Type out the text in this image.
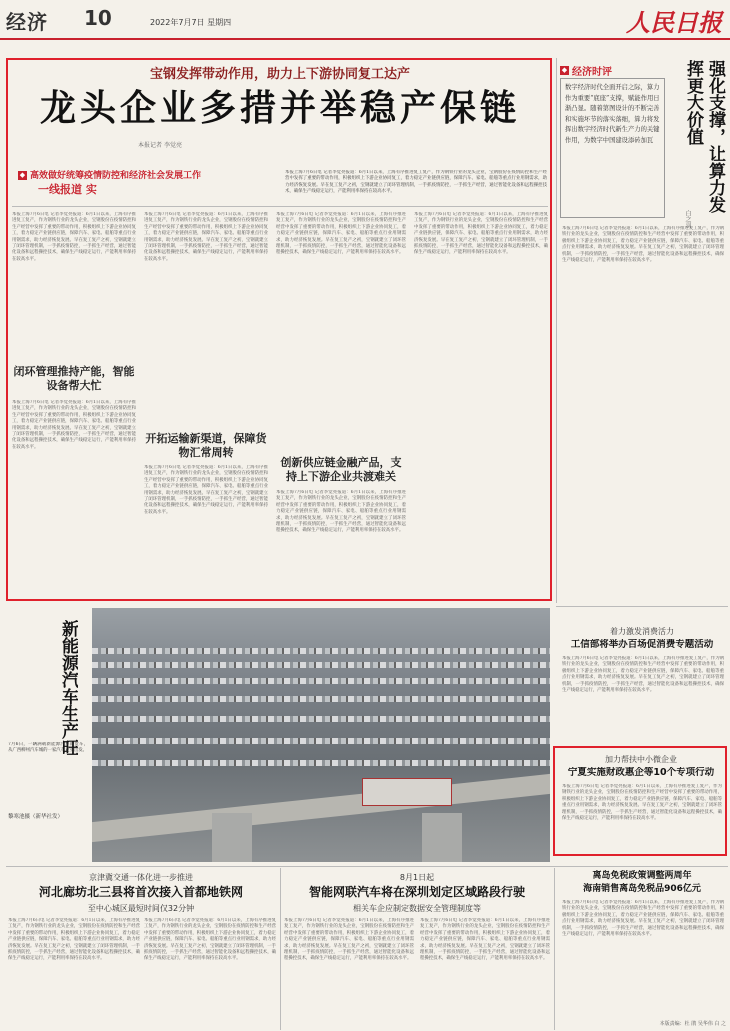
经济 10	2022年7月7日 星期四	人民日报
宝钢发挥带动作用，助力上下游协同复工达产
龙头企业多措并举稳产保链
本报记者 李觉亮
◆ 高效做好统筹疫情防控和经济社会发展工作
一线报道 实
本报上海7月6日电 记者李觉亮报道：6月1日以来，上海有序推进复工复产，作为钢铁行业的龙头企业，宝钢股份在疫情防控和生产经营中发挥了重要的带动作用，积极组织上下游企业协同复工，着力稳定产业链供应链，保障汽车、家电、船舶等重点行业用钢需求，助力经济恢复发展。早在复工复产之初，宝钢就建立了闭环管理机制，一手抓疫情防控，一手抓生产经营，通过智能化设备和远程操控技术，确保生产线稳定运行，产能利用率保持在较高水平。
本报上海7月6日电 记者李觉亮报道：6月1日以来，上海有序推进复工复产，作为钢铁行业的龙头企业，宝钢股份在疫情防控和生产经营中发挥了重要的带动作用，积极组织上下游企业协同复工，着力稳定产业链供应链，保障汽车、家电、船舶等重点行业用钢需求，助力经济恢复发展。早在复工复产之初，宝钢就建立了闭环管理机制，一手抓疫情防控，一手抓生产经营，通过智能化设备和远程操控技术，确保生产线稳定运行，产能利用率保持在较高水平。
闭环管理推持产能，智能设备帮大忙
本报上海7月6日电 记者李觉亮报道：6月1日以来，上海有序推进复工复产，作为钢铁行业的龙头企业，宝钢股份在疫情防控和生产经营中发挥了重要的带动作用，积极组织上下游企业协同复工，着力稳定产业链供应链，保障汽车、家电、船舶等重点行业用钢需求，助力经济恢复发展。早在复工复产之初，宝钢就建立了闭环管理机制，一手抓疫情防控，一手抓生产经营，通过智能化设备和远程操控技术，确保生产线稳定运行，产能利用率保持在较高水平。
本报上海7月6日电 记者李觉亮报道：6月1日以来，上海有序推进复工复产，作为钢铁行业的龙头企业，宝钢股份在疫情防控和生产经营中发挥了重要的带动作用，积极组织上下游企业协同复工，着力稳定产业链供应链，保障汽车、家电、船舶等重点行业用钢需求，助力经济恢复发展。早在复工复产之初，宝钢就建立了闭环管理机制，一手抓疫情防控，一手抓生产经营，通过智能化设备和远程操控技术，确保生产线稳定运行，产能利用率保持在较高水平。
开拓运输新渠道，保障货物汇常周转
本报上海7月6日电 记者李觉亮报道：6月1日以来，上海有序推进复工复产，作为钢铁行业的龙头企业，宝钢股份在疫情防控和生产经营中发挥了重要的带动作用，积极组织上下游企业协同复工，着力稳定产业链供应链，保障汽车、家电、船舶等重点行业用钢需求，助力经济恢复发展。早在复工复产之初，宝钢就建立了闭环管理机制，一手抓疫情防控，一手抓生产经营，通过智能化设备和远程操控技术，确保生产线稳定运行，产能利用率保持在较高水平。
本报上海7月6日电 记者李觉亮报道：6月1日以来，上海有序推进复工复产，作为钢铁行业的龙头企业，宝钢股份在疫情防控和生产经营中发挥了重要的带动作用，积极组织上下游企业协同复工，着力稳定产业链供应链，保障汽车、家电、船舶等重点行业用钢需求，助力经济恢复发展。早在复工复产之初，宝钢就建立了闭环管理机制，一手抓疫情防控，一手抓生产经营，通过智能化设备和远程操控技术，确保生产线稳定运行，产能利用率保持在较高水平。
创新供应链金融产品，支持上下游企业共渡难关
本报上海7月6日电 记者李觉亮报道：6月1日以来，上海有序推进复工复产，作为钢铁行业的龙头企业，宝钢股份在疫情防控和生产经营中发挥了重要的带动作用，积极组织上下游企业协同复工，着力稳定产业链供应链，保障汽车、家电、船舶等重点行业用钢需求，助力经济恢复发展。早在复工复产之初，宝钢就建立了闭环管理机制，一手抓疫情防控，一手抓生产经营，通过智能化设备和远程操控技术，确保生产线稳定运行，产能利用率保持在较高水平。
本报上海7月6日电 记者李觉亮报道：6月1日以来，上海有序推进复工复产，作为钢铁行业的龙头企业，宝钢股份在疫情防控和生产经营中发挥了重要的带动作用，积极组织上下游企业协同复工，着力稳定产业链供应链，保障汽车、家电、船舶等重点行业用钢需求，助力经济恢复发展。早在复工复产之初，宝钢就建立了闭环管理机制，一手抓疫情防控，一手抓生产经营，通过智能化设备和远程操控技术，确保生产线稳定运行，产能利用率保持在较高水平。
◆ 经济时评
数字经济时代全面开启之际，算力作为重要“底座”支撑，赋能作用日渐凸显。随着第图设计的不断完善和实施坏节的落实落细，算力将发挥出数字经济时代新生产力的关键作用，为数字中国建设添砖加瓦	强化支撑，让算力发挥更大价值
白之羽
本报上海7月6日电 记者李觉亮报道：6月1日以来，上海有序推进复工复产，作为钢铁行业的龙头企业，宝钢股份在疫情防控和生产经营中发挥了重要的带动作用，积极组织上下游企业协同复工，着力稳定产业链供应链，保障汽车、家电、船舶等重点行业用钢需求，助力经济恢复发展。早在复工复产之初，宝钢就建立了闭环管理机制，一手抓疫情防控，一手抓生产经营，通过智能化设备和远程操控技术，确保生产线稳定运行，产能利用率保持在较高水平。
新能源汽车生产旺
7月6日，一辆满载新能源汽车的货车，从广西柳州汽车城的一家汽车企业出发。
黎寒池摄（新华社发）
着力激发消费活力
工信部将举办百场促消费专题活动
本报上海7月6日电 记者李觉亮报道：6月1日以来，上海有序推进复工复产，作为钢铁行业的龙头企业，宝钢股份在疫情防控和生产经营中发挥了重要的带动作用，积极组织上下游企业协同复工，着力稳定产业链供应链，保障汽车、家电、船舶等重点行业用钢需求，助力经济恢复发展。早在复工复产之初，宝钢就建立了闭环管理机制，一手抓疫情防控，一手抓生产经营，通过智能化设备和远程操控技术，确保生产线稳定运行，产能利用率保持在较高水平。
加力帮扶中小微企业
宁夏实施财政惠企等10个专项行动
本报上海7月6日电 记者李觉亮报道：6月1日以来，上海有序推进复工复产，作为钢铁行业的龙头企业，宝钢股份在疫情防控和生产经营中发挥了重要的带动作用，积极组织上下游企业协同复工，着力稳定产业链供应链，保障汽车、家电、船舶等重点行业用钢需求，助力经济恢复发展。早在复工复产之初，宝钢就建立了闭环管理机制，一手抓疫情防控，一手抓生产经营，通过智能化设备和远程操控技术，确保生产线稳定运行，产能利用率保持在较高水平。
京津冀交通一体化进一步推进
河北廊坊北三县将首次接入首都地铁网
至中心城区最短时间仅32分钟
本报上海7月6日电 记者李觉亮报道：6月1日以来，上海有序推进复工复产，作为钢铁行业的龙头企业，宝钢股份在疫情防控和生产经营中发挥了重要的带动作用，积极组织上下游企业协同复工，着力稳定产业链供应链，保障汽车、家电、船舶等重点行业用钢需求，助力经济恢复发展。早在复工复产之初，宝钢就建立了闭环管理机制，一手抓疫情防控，一手抓生产经营，通过智能化设备和远程操控技术，确保生产线稳定运行，产能利用率保持在较高水平。
本报上海7月6日电 记者李觉亮报道：6月1日以来，上海有序推进复工复产，作为钢铁行业的龙头企业，宝钢股份在疫情防控和生产经营中发挥了重要的带动作用，积极组织上下游企业协同复工，着力稳定产业链供应链，保障汽车、家电、船舶等重点行业用钢需求，助力经济恢复发展。早在复工复产之初，宝钢就建立了闭环管理机制，一手抓疫情防控，一手抓生产经营，通过智能化设备和远程操控技术，确保生产线稳定运行，产能利用率保持在较高水平。
8月1日起
智能网联汽车将在深圳划定区域路段行驶
相关车企应制定数据安全管理制度等
本报上海7月6日电 记者李觉亮报道：6月1日以来，上海有序推进复工复产，作为钢铁行业的龙头企业，宝钢股份在疫情防控和生产经营中发挥了重要的带动作用，积极组织上下游企业协同复工，着力稳定产业链供应链，保障汽车、家电、船舶等重点行业用钢需求，助力经济恢复发展。早在复工复产之初，宝钢就建立了闭环管理机制，一手抓疫情防控，一手抓生产经营，通过智能化设备和远程操控技术，确保生产线稳定运行，产能利用率保持在较高水平。
本报上海7月6日电 记者李觉亮报道：6月1日以来，上海有序推进复工复产，作为钢铁行业的龙头企业，宝钢股份在疫情防控和生产经营中发挥了重要的带动作用，积极组织上下游企业协同复工，着力稳定产业链供应链，保障汽车、家电、船舶等重点行业用钢需求，助力经济恢复发展。早在复工复产之初，宝钢就建立了闭环管理机制，一手抓疫情防控，一手抓生产经营，通过智能化设备和远程操控技术，确保生产线稳定运行，产能利用率保持在较高水平。
离岛免税政策调整两周年
海南销售离岛免税品906亿元
本报上海7月6日电 记者李觉亮报道：6月1日以来，上海有序推进复工复产，作为钢铁行业的龙头企业，宝钢股份在疫情防控和生产经营中发挥了重要的带动作用，积极组织上下游企业协同复工，着力稳定产业链供应链，保障汽车、家电、船舶等重点行业用钢需求，助力经济恢复发展。早在复工复产之初，宝钢就建立了闭环管理机制，一手抓疫情防控，一手抓生产经营，通过智能化设备和远程操控技术，确保生产线稳定运行，产能利用率保持在较高水平。
本版责编：杜 鹃 吴华伟 白 之
